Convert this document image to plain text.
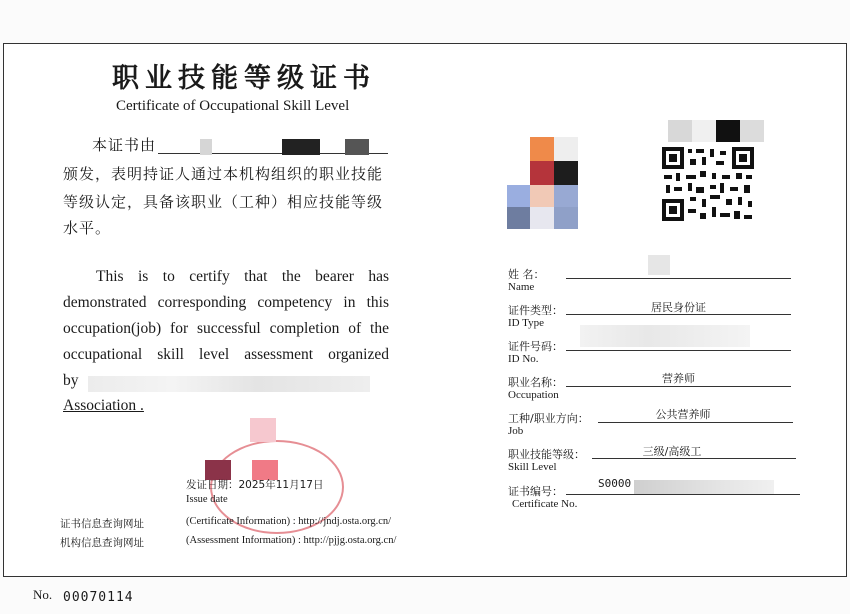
职业技能等级证书
Certificate of Occupational Skill Level
本证书由
颁发，表明持证人通过本机构组织的职业技能
等级认定，具备该职业（工种）相应技能等级
水平。
This is to certify that the bearer has
demonstrated corresponding competency in this
occupation(job) for successful completion of the
occupational skill level assessment organized
by
Association .
发证日期：2025年11月17日
Issue date
证书信息查询网址	(Certificate Information) : http://jndj.osta.org.cn/
机构信息查询网址	(Assessment Information) : http://pjjg.osta.org.cn/
姓 名：
Name
证件类型：
ID Type
居民身份证
证件号码：
ID No.
职业名称：
Occupation
营养师
工种/职业方向：
Job
公共营养师
职业技能等级：
Skill Level
三级/高级工
证书编号：
Certificate No.
S0000
No. 00070114
